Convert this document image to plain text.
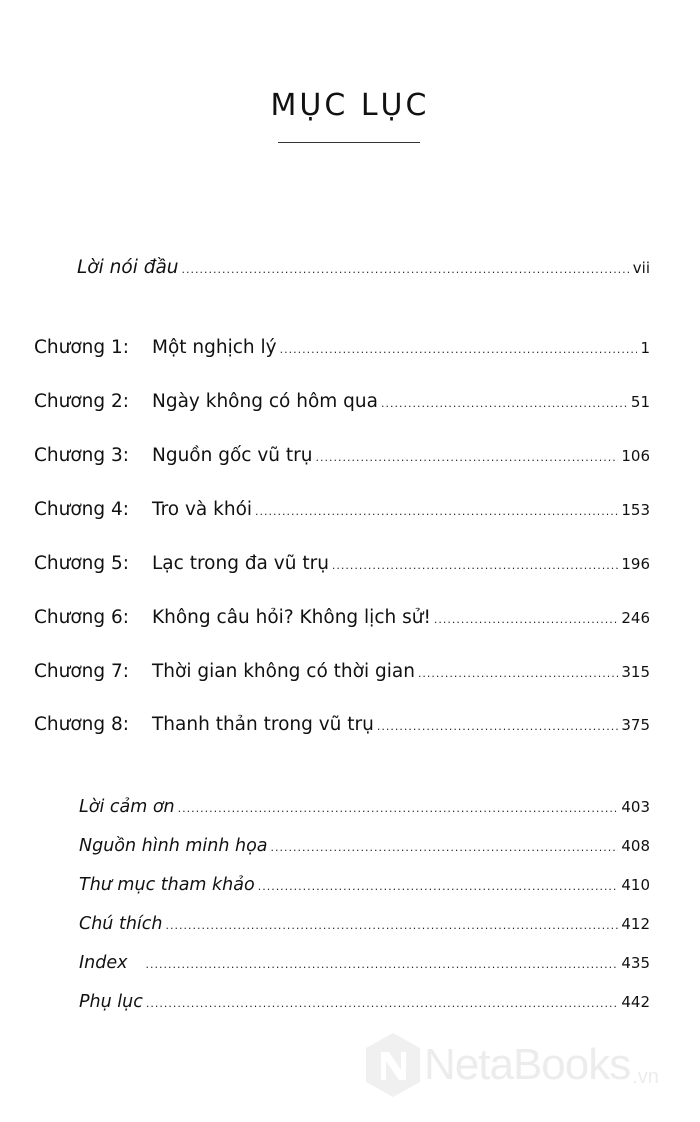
MỤC LỤC
Lời nói đầu .....	vii
Chương 1:	Một nghịch lý .....	1
Chương 2:	Ngày không có hôm qua .....	51
Chương 3:	Nguồn gốc vũ trụ .....	106
Chương 4:	Tro và khói .....	153
Chương 5:	Lạc trong đa vũ trụ .....	196
Chương 6:	Không câu hỏi? Không lịch sử! .....	246
Chương 7:	Thời gian không có thời gian .....	315
Chương 8:	Thanh thản trong vũ trụ .....	375
Lời cảm ơn .....	403
Nguồn hình minh họa .....	408
Thư mục tham khảo .....	410
Chú thích .....	412
Index .....	435
Phụ lục .....	442
NetaBooks .vn
